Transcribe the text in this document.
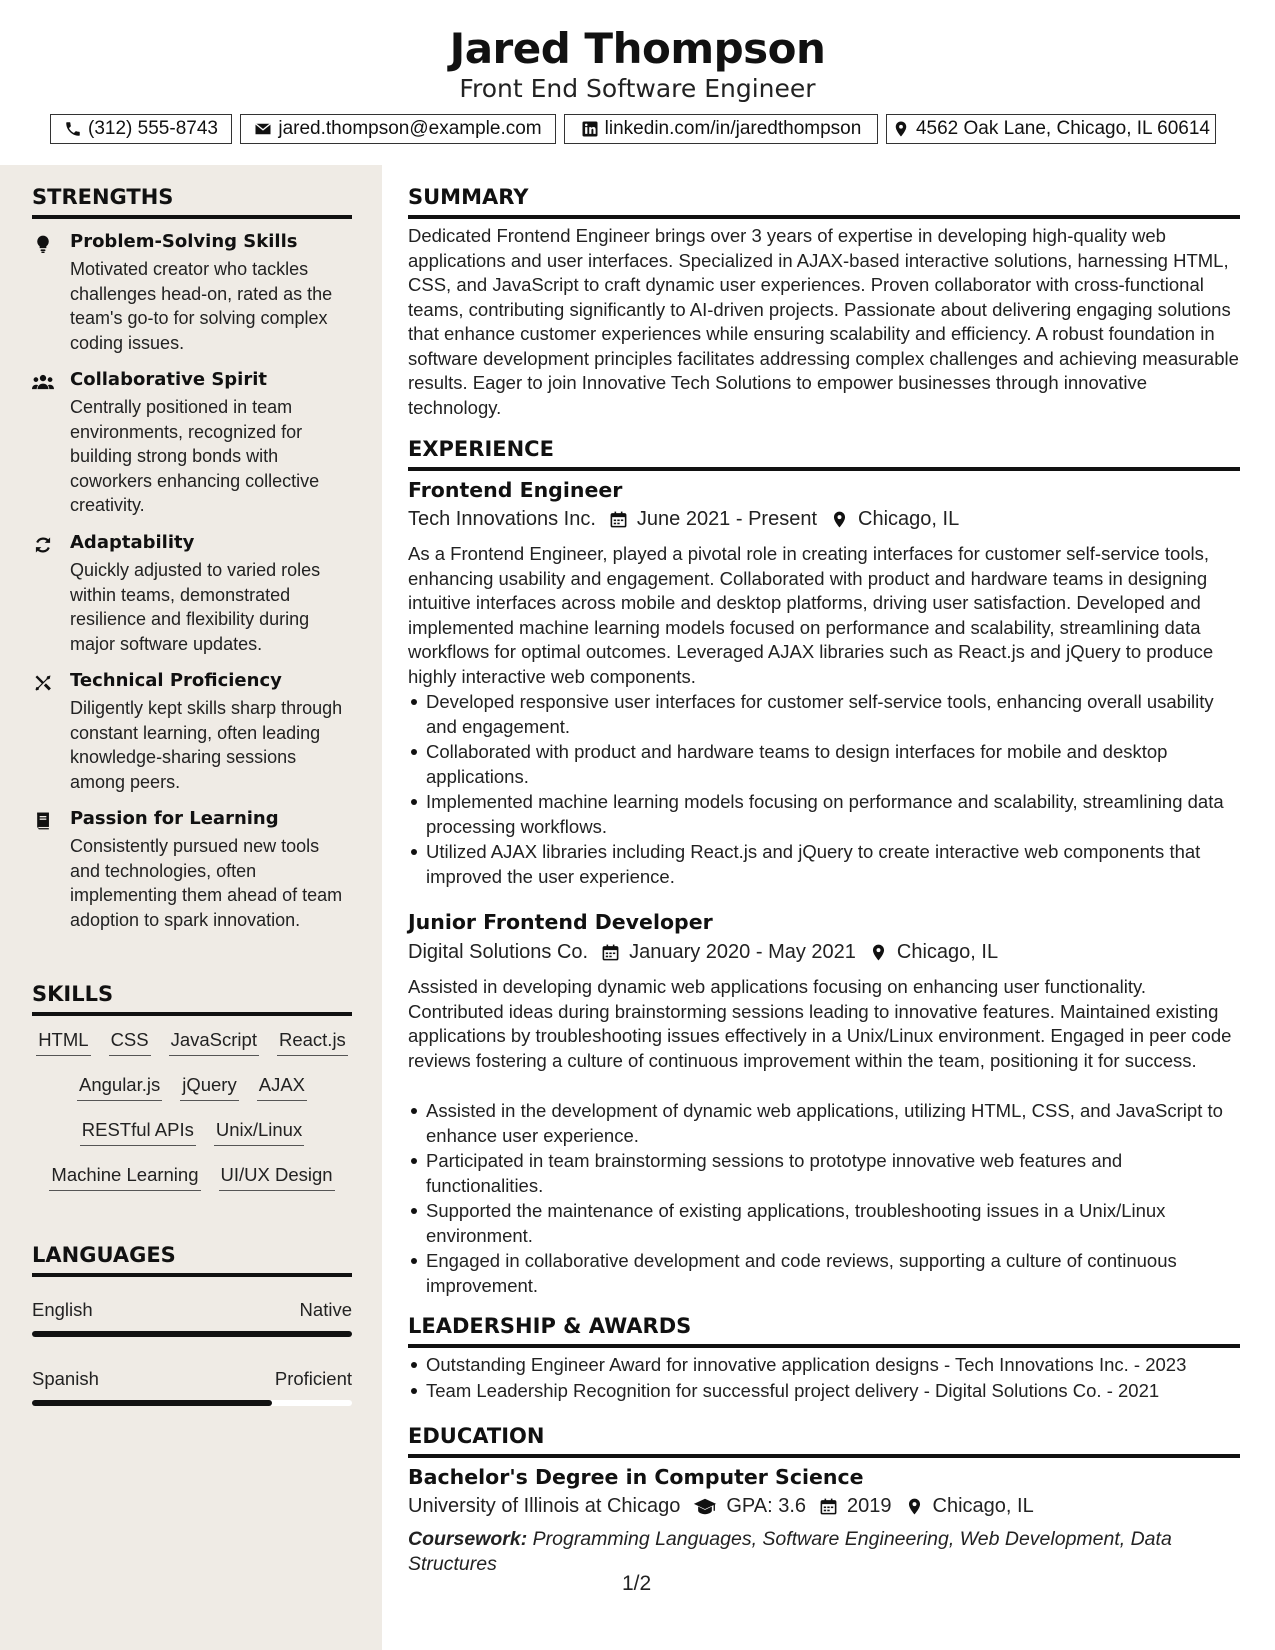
Jared Thompson
Front End Software Engineer
(312) 555-8743	jared.thompson@example.com	linkedin.com/in/jaredthompson	4562 Oak Lane, Chicago, IL 60614
STRENGTHS
Problem-Solving Skills
Motivated creator who tackles challenges head-on, rated as the team's go-to for solving complex coding issues.
Collaborative Spirit
Centrally positioned in team environments, recognized for building strong bonds with coworkers enhancing collective creativity.
Adaptability
Quickly adjusted to varied roles within teams, demonstrated resilience and flexibility during major software updates.
Technical Proficiency
Diligently kept skills sharp through constant learning, often leading knowledge-sharing sessions among peers.
Passion for Learning
Consistently pursued new tools and technologies, often implementing them ahead of team adoption to spark innovation.
SKILLS
HTML CSS JavaScript React.js
Angular.js jQuery AJAX
RESTful APIs Unix/Linux
Machine Learning UI/UX Design
LANGUAGES
English	Native
Spanish	Proficient
SUMMARY
Dedicated Frontend Engineer brings over 3 years of expertise in developing high-quality web applications and user interfaces. Specialized in AJAX-based interactive solutions, harnessing HTML, CSS, and JavaScript to craft dynamic user experiences. Proven collaborator with cross-functional teams, contributing significantly to AI-driven projects. Passionate about delivering engaging solutions that enhance customer experiences while ensuring scalability and efficiency. A robust foundation in software development principles facilitates addressing complex challenges and achieving measurable results. Eager to join Innovative Tech Solutions to empower businesses through innovative technology.
EXPERIENCE
Frontend Engineer
Tech Innovations Inc. June 2021 - Present Chicago, IL
As a Frontend Engineer, played a pivotal role in creating interfaces for customer self-service tools, enhancing usability and engagement. Collaborated with product and hardware teams in designing intuitive interfaces across mobile and desktop platforms, driving user satisfaction. Developed and implemented machine learning models focused on performance and scalability, streamlining data workflows for optimal outcomes. Leveraged AJAX libraries such as React.js and jQuery to produce highly interactive web components.
Developed responsive user interfaces for customer self-service tools, enhancing overall usability and engagement.
Collaborated with product and hardware teams to design interfaces for mobile and desktop applications.
Implemented machine learning models focusing on performance and scalability, streamlining data processing workflows.
Utilized AJAX libraries including React.js and jQuery to create interactive web components that improved the user experience.
Junior Frontend Developer
Digital Solutions Co. January 2020 - May 2021 Chicago, IL
Assisted in developing dynamic web applications focusing on enhancing user functionality. Contributed ideas during brainstorming sessions leading to innovative features. Maintained existing applications by troubleshooting issues effectively in a Unix/Linux environment. Engaged in peer code reviews fostering a culture of continuous improvement within the team, positioning it for success.
Assisted in the development of dynamic web applications, utilizing HTML, CSS, and JavaScript to enhance user experience.
Participated in team brainstorming sessions to prototype innovative web features and functionalities.
Supported the maintenance of existing applications, troubleshooting issues in a Unix/Linux environment.
Engaged in collaborative development and code reviews, supporting a culture of continuous improvement.
LEADERSHIP & AWARDS
Outstanding Engineer Award for innovative application designs - Tech Innovations Inc. - 2023
Team Leadership Recognition for successful project delivery - Digital Solutions Co. - 2021
EDUCATION
Bachelor's Degree in Computer Science
University of Illinois at Chicago GPA: 3.6 2019 Chicago, IL
Coursework: Programming Languages, Software Engineering, Web Development, Data Structures
1/2
